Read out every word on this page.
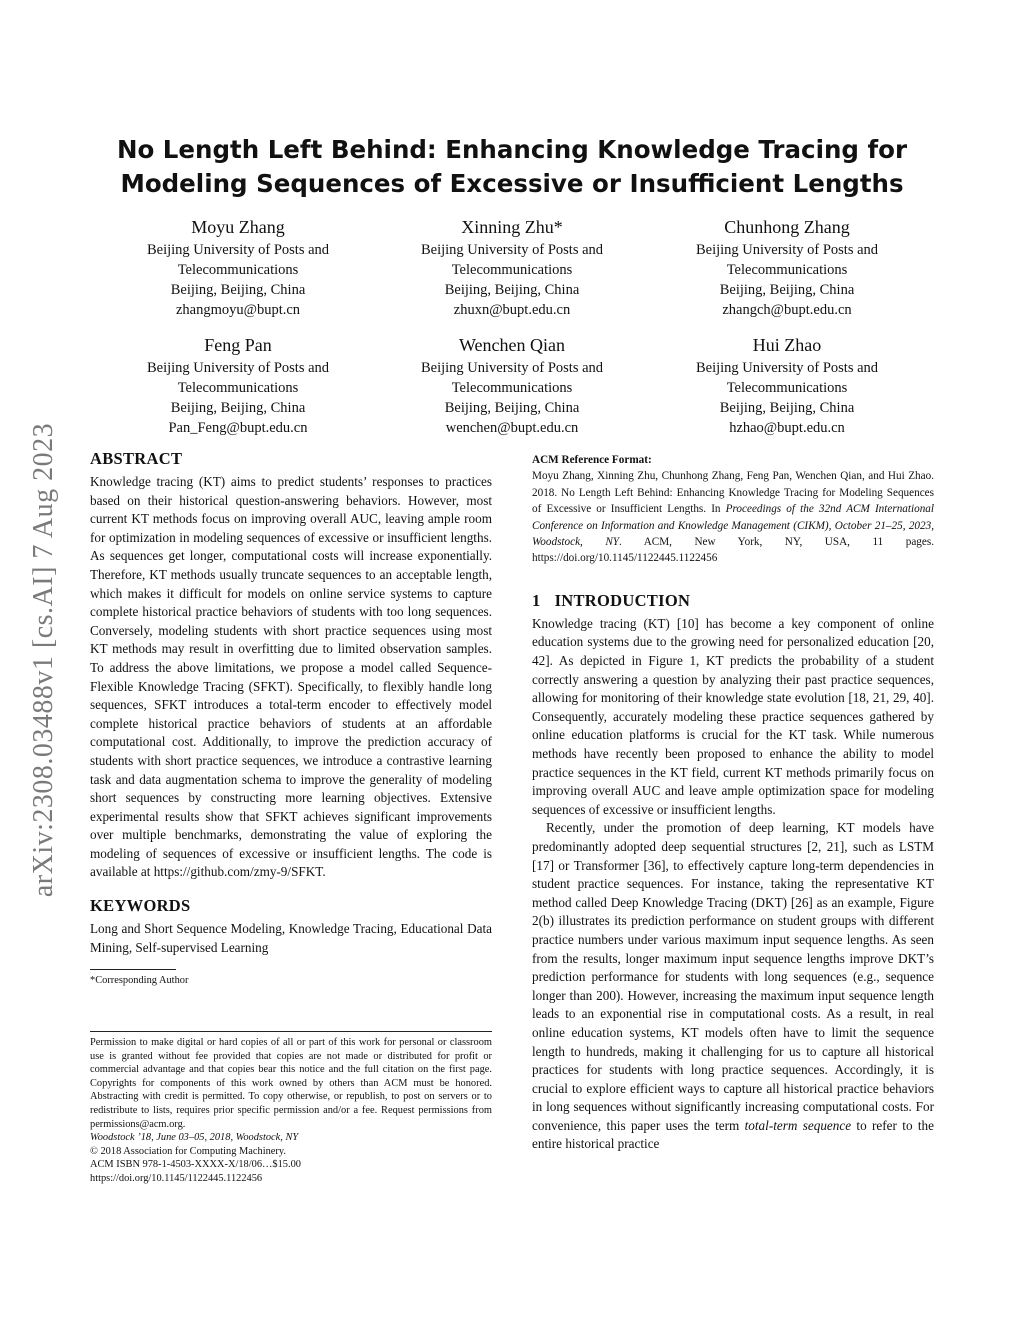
arXiv:2308.03488v1 [cs.AI] 7 Aug 2023
No Length Left Behind: Enhancing Knowledge Tracing for
Modeling Sequences of Excessive or Insufficient Lengths
Moyu Zhang
Beijing University of Posts and
Telecommunications
Beijing, Beijing, China
zhangmoyu@bupt.cn
Xinning Zhu*
Beijing University of Posts and
Telecommunications
Beijing, Beijing, China
zhuxn@bupt.edu.cn
Chunhong Zhang
Beijing University of Posts and
Telecommunications
Beijing, Beijing, China
zhangch@bupt.edu.cn
Feng Pan
Beijing University of Posts and
Telecommunications
Beijing, Beijing, China
Pan_Feng@bupt.edu.cn
Wenchen Qian
Beijing University of Posts and
Telecommunications
Beijing, Beijing, China
wenchen@bupt.edu.cn
Hui Zhao
Beijing University of Posts and
Telecommunications
Beijing, Beijing, China
hzhao@bupt.edu.cn
ABSTRACT

Knowledge tracing (KT) aims to predict students’ responses to practices based on their historical question-answering behaviors. However, most current KT methods focus on improving overall AUC, leaving ample room for optimization in modeling sequences of excessive or insufficient lengths. As sequences get longer, computational costs will increase exponentially. Therefore, KT methods usually truncate sequences to an acceptable length, which makes it difficult for models on online service systems to capture complete historical practice behaviors of students with too long sequences. Conversely, modeling students with short practice sequences using most KT methods may result in overfitting due to limited observation samples. To address the above limitations, we propose a model called Sequence-Flexible Knowledge Tracing (SFKT). Specifically, to flexibly handle long sequences, SFKT introduces a total-term encoder to effectively model complete historical practice behaviors of students at an affordable computational cost. Additionally, to improve the prediction accuracy of students with short practice sequences, we introduce a contrastive learning task and data augmentation schema to improve the generality of modeling short sequences by constructing more learning objectives. Extensive experimental results show that SFKT achieves significant improvements over multiple benchmarks, demonstrating the value of exploring the modeling of sequences of excessive or insufficient lengths. The code is available at https://github.com/zmy-9/SFKT.

KEYWORDS

Long and Short Sequence Modeling, Knowledge Tracing, Educational Data Mining, Self-supervised Learning

*Corresponding Author

Permission to make digital or hard copies of all or part of this work for personal or classroom use is granted without fee provided that copies are not made or distributed for profit or commercial advantage and that copies bear this notice and the full citation on the first page. Copyrights for components of this work owned by others than ACM must be honored. Abstracting with credit is permitted. To copy otherwise, or republish, to post on servers or to redistribute to lists, requires prior specific permission and/or a fee. Request permissions from permissions@acm.org.

Woodstock ’18, June 03–05, 2018, Woodstock, NY

© 2018 Association for Computing Machinery.

ACM ISBN 978-1-4503-XXXX-X/18/06…$15.00

https://doi.org/10.1145/1122445.1122456

ACM Reference Format:

Moyu Zhang, Xinning Zhu, Chunhong Zhang, Feng Pan, Wenchen Qian, and Hui Zhao. 2018. No Length Left Behind: Enhancing Knowledge Tracing for Modeling Sequences of Excessive or Insufficient Lengths. In Proceedings of the 32nd ACM International Conference on Information and Knowledge Management (CIKM), October 21–25, 2023, Woodstock, NY. ACM, New York, NY, USA, 11 pages. https://doi.org/10.1145/1122445.1122456

1 INTRODUCTION

Knowledge tracing (KT) [10] has become a key component of online education systems due to the growing need for personalized education [20, 42]. As depicted in Figure 1, KT predicts the probability of a student correctly answering a question by analyzing their past practice sequences, allowing for monitoring of their knowledge state evolution [18, 21, 29, 40]. Consequently, accurately modeling these practice sequences gathered by online education platforms is crucial for the KT task. While numerous methods have recently been proposed to enhance the ability to model practice sequences in the KT field, current KT methods primarily focus on improving overall AUC and leave ample optimization space for modeling sequences of excessive or insufficient lengths.

Recently, under the promotion of deep learning, KT models have predominantly adopted deep sequential structures [2, 21], such as LSTM [17] or Transformer [36], to effectively capture long-term dependencies in student practice sequences. For instance, taking the representative KT method called Deep Knowledge Tracing (DKT) [26] as an example, Figure 2(b) illustrates its prediction performance on student groups with different practice numbers under various maximum input sequence lengths. As seen from the results, longer maximum input sequence lengths improve DKT’s prediction performance for students with long sequences (e.g., sequence longer than 200). However, increasing the maximum input sequence length leads to an exponential rise in computational costs. As a result, in real online education systems, KT models often have to limit the sequence length to hundreds, making it challenging for us to capture all historical practices for students with long practice sequences. Accordingly, it is crucial to explore efficient ways to capture all historical practice behaviors in long sequences without significantly increasing computational costs. For convenience, this paper uses the term total-term sequence to refer to the entire historical practice
